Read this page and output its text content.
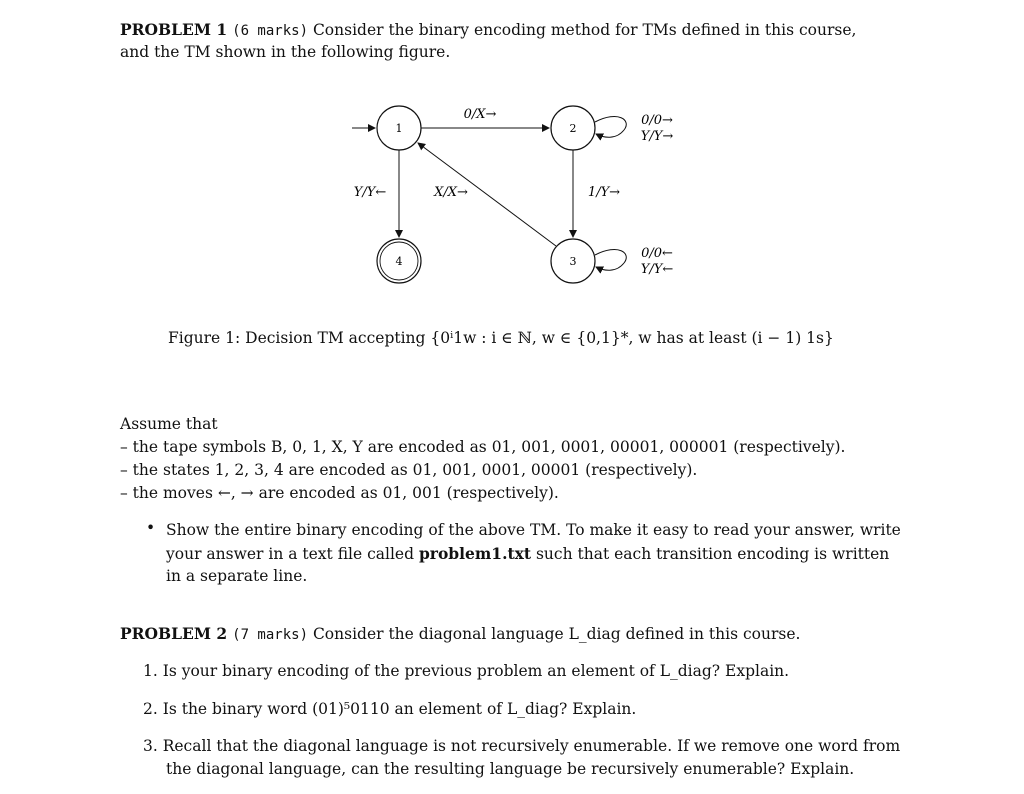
PROBLEM 1 (6 marks) Consider the binary encoding method for TMs defined in this course,
and the TM shown in the following figure.
1	2
3
4
0/X→	0/0→
Y/Y→
Y/Y←	X/X→	1/Y→
0/0←
Y/Y←
Figure 1: Decision TM accepting {0ⁱ1w : i ∈ ℕ, w ∈ {0,1}*, w has at least (i − 1) 1s}
Assume that
– the tape symbols B, 0, 1, X, Y are encoded as 01, 001, 0001, 00001, 000001 (respectively).
– the states 1, 2, 3, 4 are encoded as 01, 001, 0001, 00001 (respectively).
– the moves ←, → are encoded as 01, 001 (respectively).
• Show the entire binary encoding of the above TM. To make it easy to read your answer, write
your answer in a text file called problem1.txt such that each transition encoding is written
in a separate line.
PROBLEM 2 (7 marks) Consider the diagonal language L_diag defined in this course.
1. Is your binary encoding of the previous problem an element of L_diag? Explain.
2. Is the binary word (01)⁵0110 an element of L_diag? Explain.
3. Recall that the diagonal language is not recursively enumerable. If we remove one word from
the diagonal language, can the resulting language be recursively enumerable? Explain.
